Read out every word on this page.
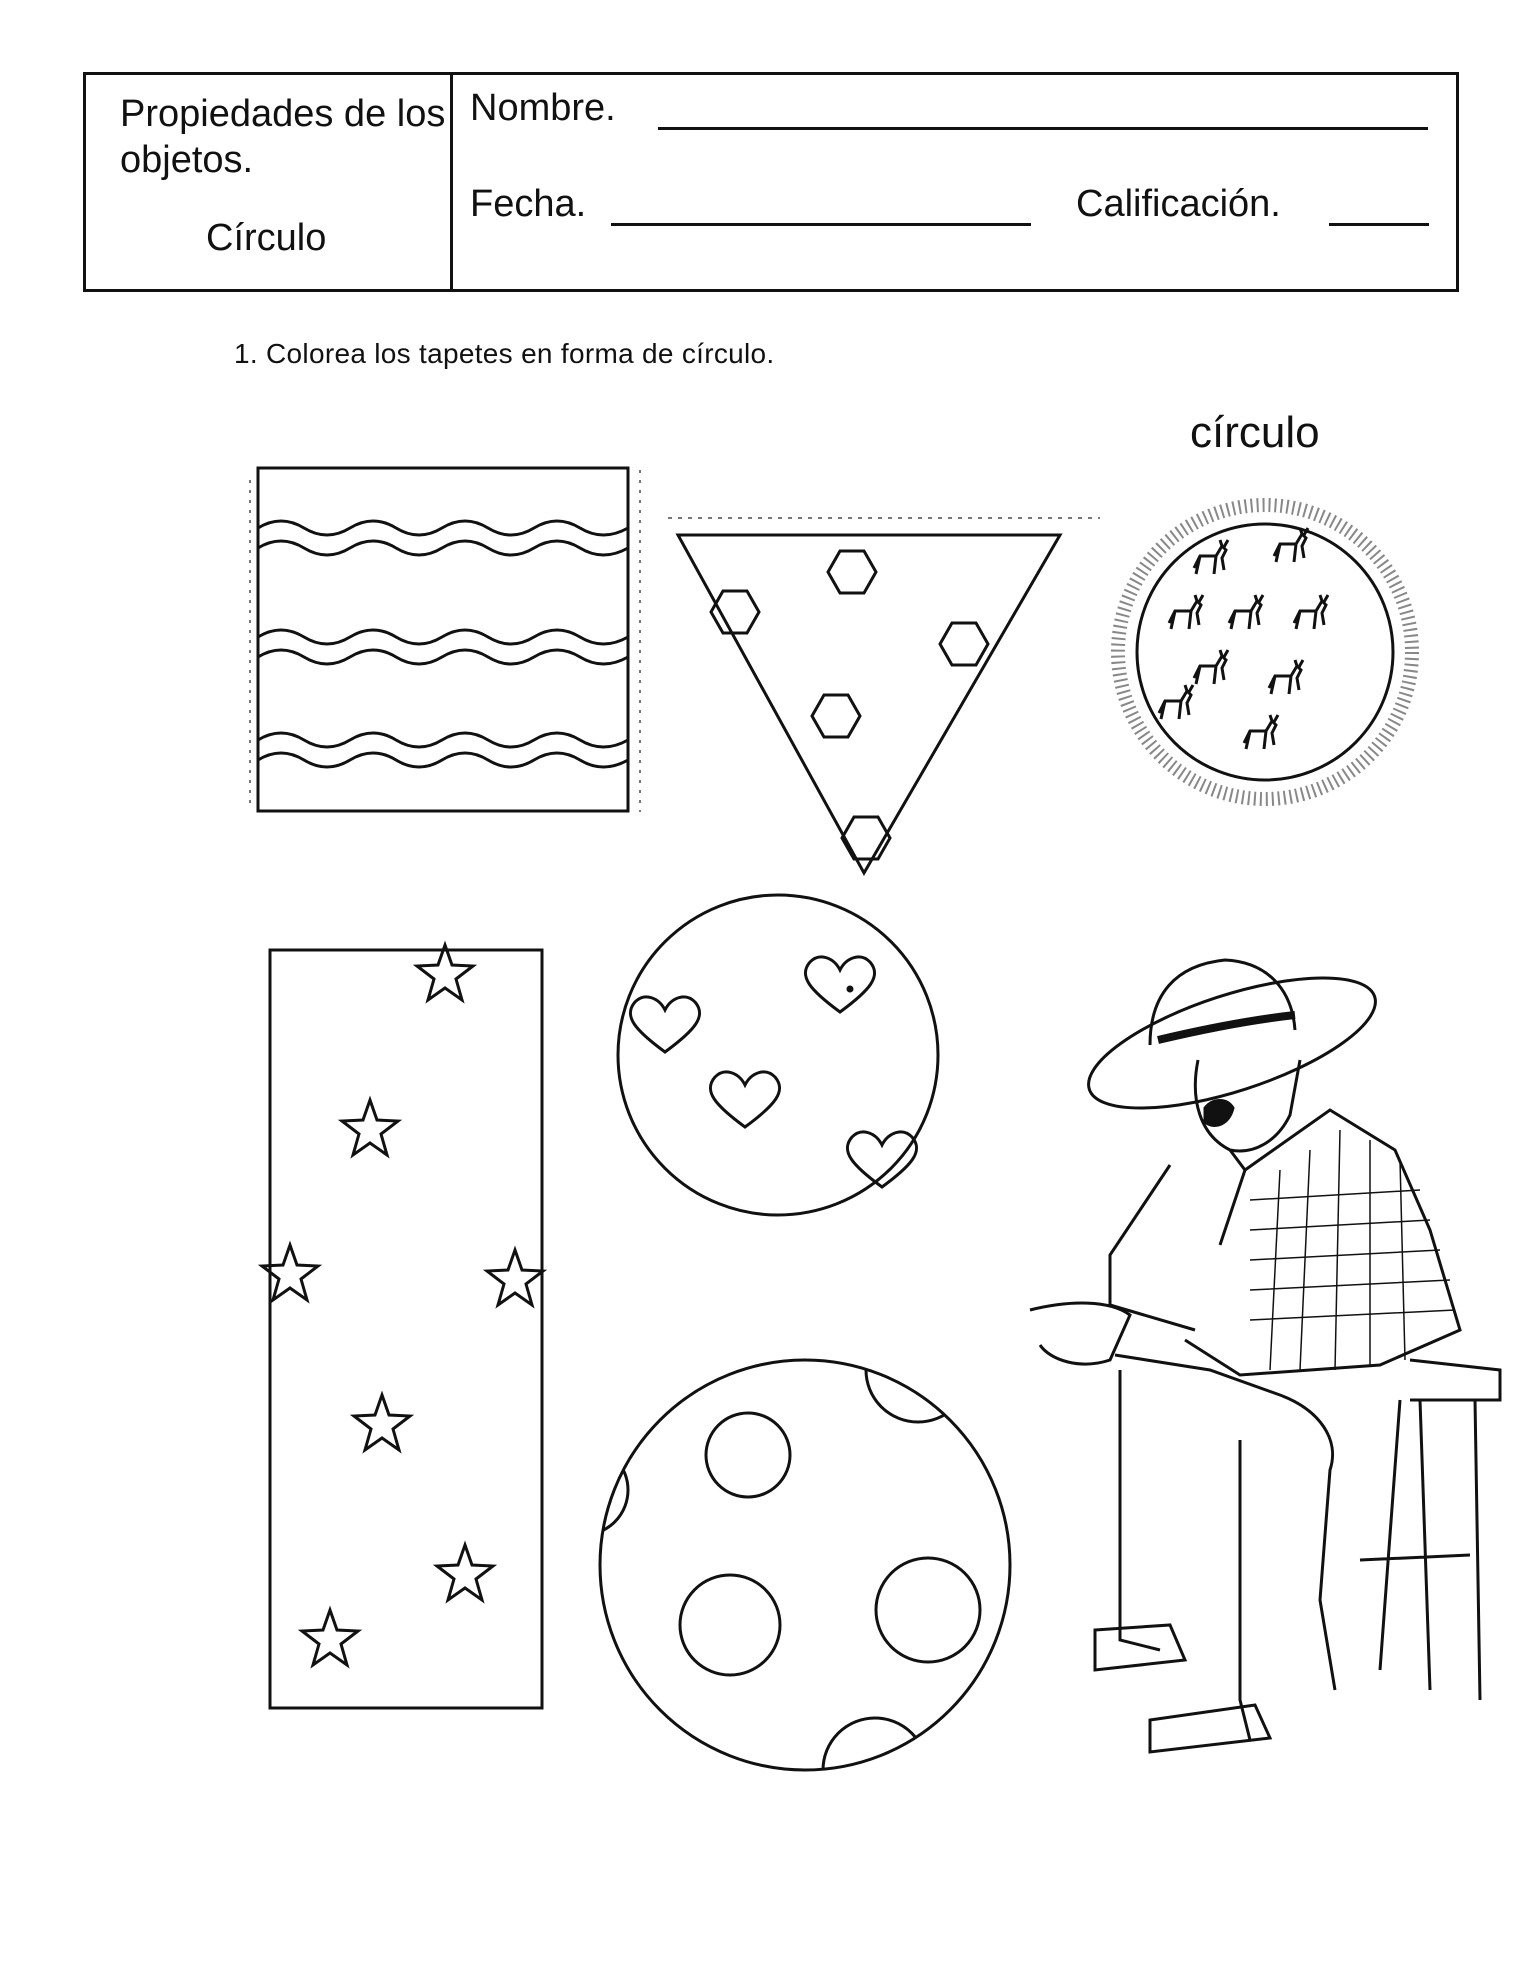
Propiedades de los objetos.
Círculo
Nombre.
Fecha.	Calificación.
1. Colorea los tapetes en forma de círculo.
círculo
